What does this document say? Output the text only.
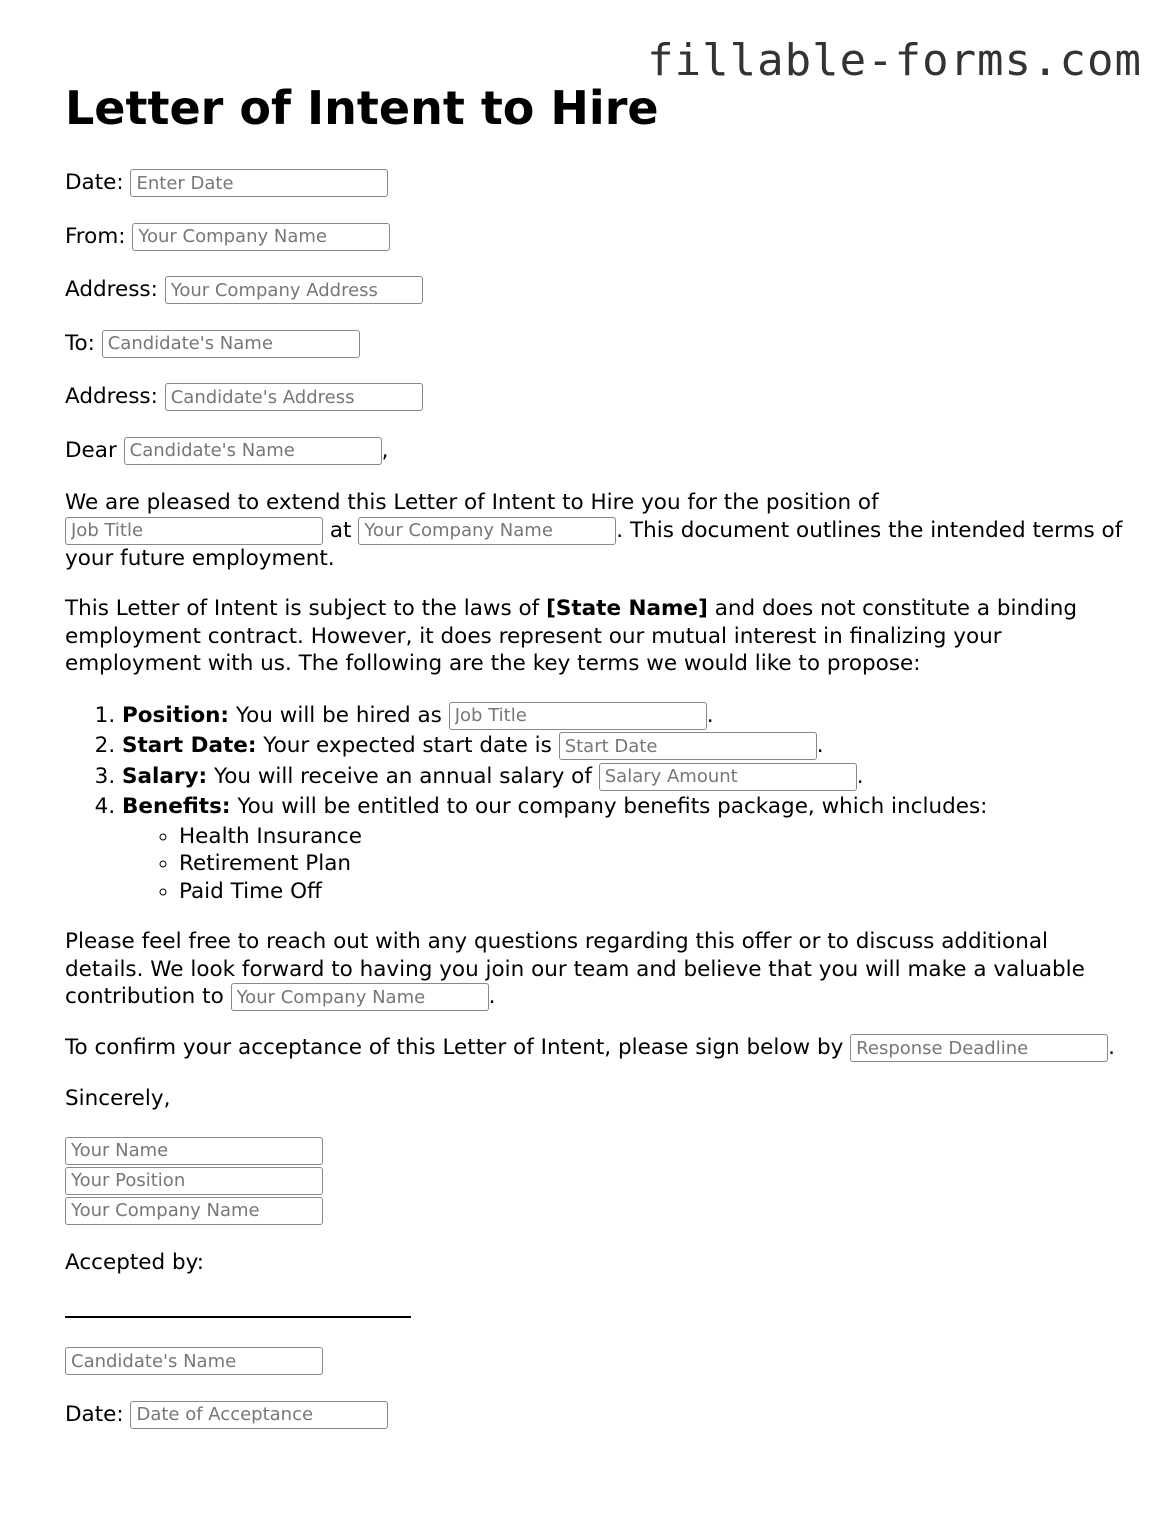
fillable-forms.com
Letter of Intent to Hire
Date: Enter Date
From: Your Company Name
Address: Your Company Address
To: Candidate's Name
Address: Candidate's Address
Dear Candidate's Name	,

We are pleased to extend this Letter of Intent to Hire you for the position of Job Title at Your Company Name	. This document outlines the intended terms of your future employment.

This Letter of Intent is subject to the laws of [State Name] and does not constitute a binding employment contract. However, it does represent our mutual interest in finalizing your employment with us. The following are the key terms we would like to propose:

1. Position: You will be hired as Job Title	.
2. Start Date: Your expected start date is Start Date	.
3. Salary: You will receive an annual salary of Salary Amount	.
4. Benefits: You will be entitled to our company benefits package, which includes:
◦ Health Insurance
◦ Retirement Plan
◦ Paid Time Off

Please feel free to reach out with any questions regarding this offer or to discuss additional details. We look forward to having you join our team and believe that you will make a valuable contribution to Your Company Name	.

To confirm your acceptance of this Letter of Intent, please sign below by Response Deadline	.

Sincerely,

Your Name
Your Position
Your Company Name

Accepted by:

Candidate's Name
Date: Date of Acceptance
